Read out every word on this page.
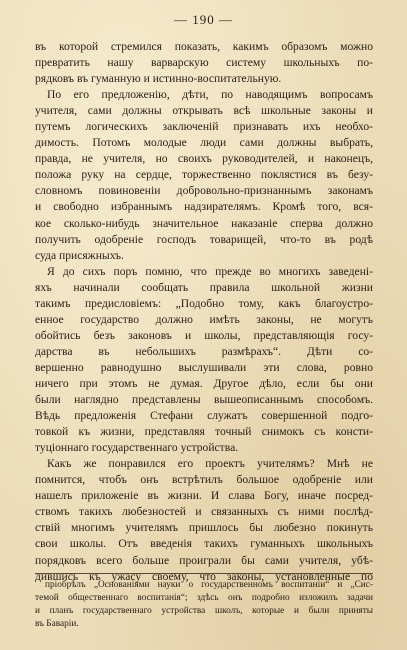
— 190 —
въ которой стремился показать, какимъ образомъ можно
превратить нашу варварскую систему школьныхъ по-
рядковъ въ гуманную и истинно-воспитательную.
По его предложенію, дѣти, по наводящимъ вопросамъ
учителя, сами должны открывать всѣ школьные законы и
путемъ логическихъ заключеній признавать ихъ необхо-
димость. Потомъ молодые люди сами должны выбрать,
правда, не учителя, но своихъ руководителей, и наконецъ,
положа руку на сердце, торжественно поклястися въ безу-
словномъ повиновеніи добровольно-признаннымъ законамъ
и свободно избраннымъ надзирателямъ. Кромѣ того, вся-
кое сколько-нибудь значительное наказаніе сперва должно
получить одобреніе господъ товарищей, что-то въ родѣ
суда присяжныхъ.
Я до сихъ поръ помню, что прежде во многихъ заведені-
яхъ начинали сообщать правила школьной жизни
такимъ предисловіемъ: „Подобно тому, какъ благоустро-
енное государство должно имѣть законы, не могутъ
обойтись безъ законовъ и школы, представляющія госу-
дарства въ небольшихъ размѣрахъ“. Дѣти со-
вершенно равнодушно выслушивали эти слова, ровно
ничего при этомъ не думая. Другое дѣло, если бы они
были наглядно представлены вышеописаннымъ способомъ.
Вѣдь предложенія Стефани служатъ совершенной подго-
товкой къ жизни, представляя точный снимокъ съ консти-
туціоннаго государственнаго устройства.
Какъ же понравился его проектъ учителямъ? Мнѣ не
помнится, чтобъ онъ встрѣтилъ большое одобреніе или
нашелъ приложеніе въ жизни. И слава Богу, иначе посред-
ствомъ такихъ любезностей и связанныхъ съ ними послѣд-
ствій многимъ учителямъ пришлось бы любезно покинуть
свои школы. Отъ введенія такихъ гуманныхъ школьныхъ
порядковъ всего больше проиграли бы сами учителя, убѣ-
дившись къ ужасу своему, что законы, установленные по
пріобрѣлъ „Основаніями науки о государственномъ воспитаніи“ и „Сис-
темой общественнаго воспитанія“; здѣсь онъ подробно изложилъ задачи
и планъ государственнаго устройства школъ, которые и были приняты
въ Баваріи.
